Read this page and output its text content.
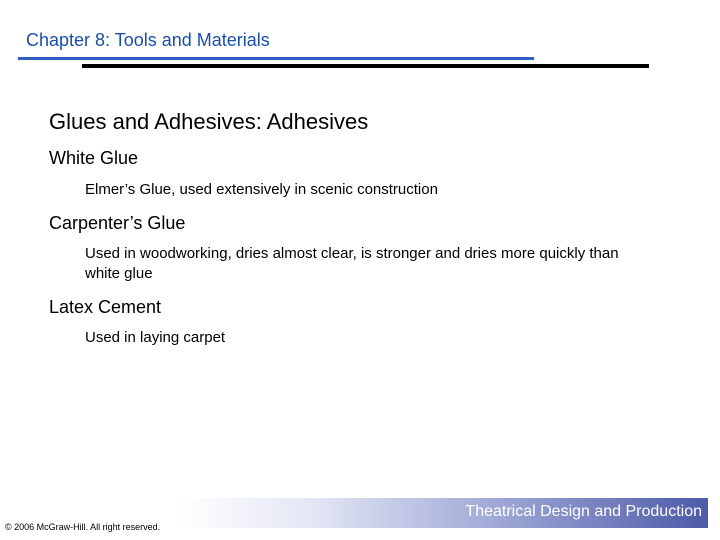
Chapter 8: Tools and Materials
Glues and Adhesives: Adhesives
White Glue
Elmer’s Glue, used extensively in scenic construction
Carpenter’s Glue
Used in woodworking, dries almost clear, is stronger and dries more quickly than white glue
Latex Cement
Used in laying carpet
Theatrical Design and Production
© 2006 McGraw-Hill. All right reserved.
